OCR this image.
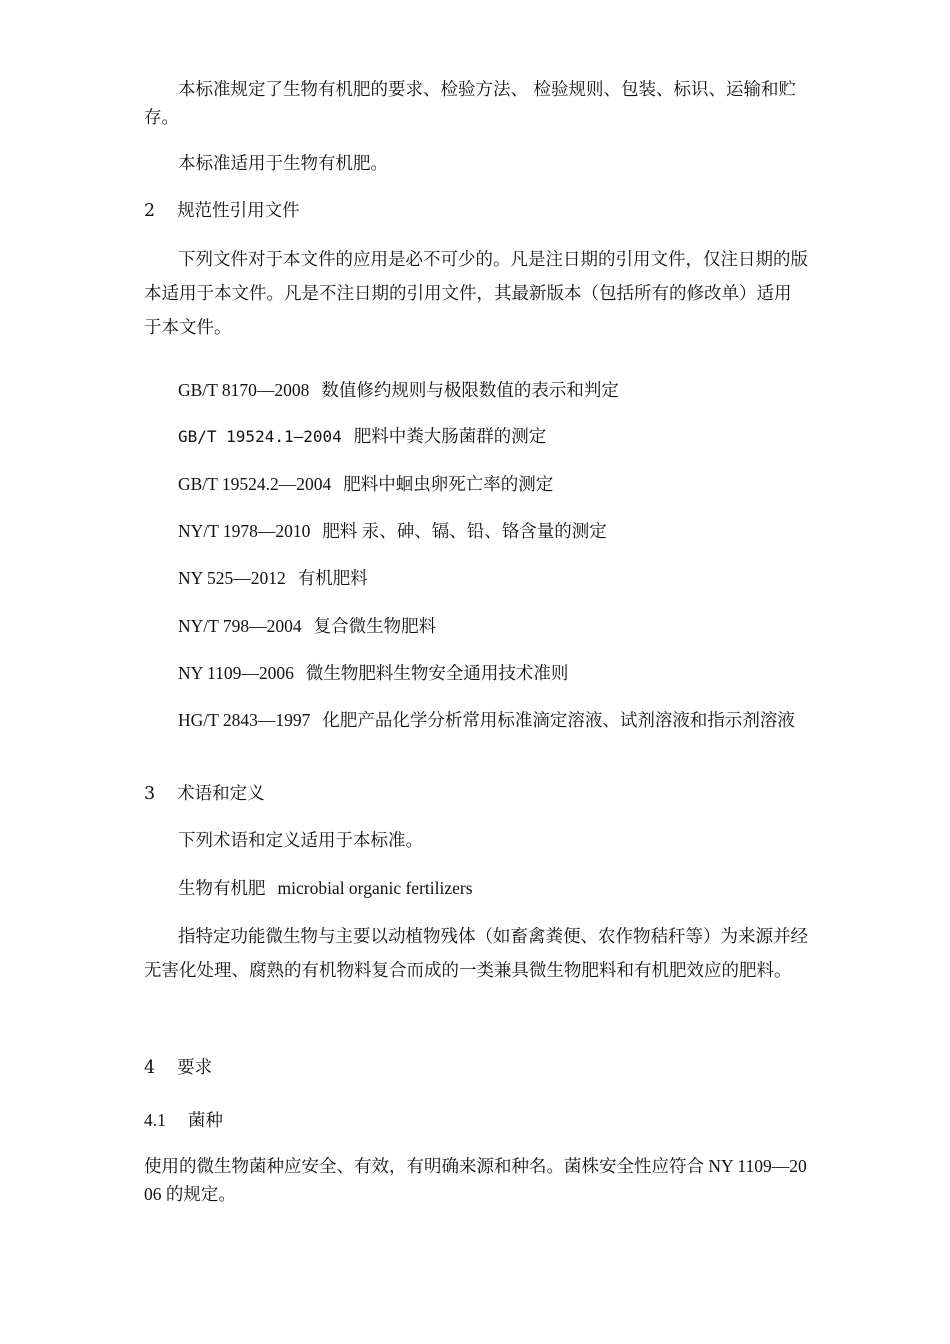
本标准规定了生物有机肥的要求、检验方法、 检验规则、包装、标识、运输和贮存。

本标准适用于生物有机肥。

2 规范性引用文件

下列文件对于本文件的应用是必不可少的。凡是注日期的引用文件，仅注日期的版本适用于本文件。凡是不注日期的引用文件，其最新版本（包括所有的修改单）适用于本文件。

GB/T 8170—2008 数值修约规则与极限数值的表示和判定

GB/T 19524.1—2004 肥料中粪大肠菌群的测定

GB/T 19524.2—2004 肥料中蛔虫卵死亡率的测定

NY/T 1978—2010 肥料 汞、砷、镉、铅、铬含量的测定

NY 525—2012 有机肥料

NY/T 798—2004 复合微生物肥料

NY 1109—2006 微生物肥料生物安全通用技术准则

HG/T 2843—1997 化肥产品化学分析常用标准滴定溶液、试剂溶液和指示剂溶液

3 术语和定义

下列术语和定义适用于本标准。

生物有机肥 microbial organic fertilizers

指特定功能微生物与主要以动植物残体（如畜禽粪便、农作物秸秆等）为来源并经无害化处理、腐熟的有机物料复合而成的一类兼具微生物肥料和有机肥效应的肥料。

4 要求

4.1 菌种

使用的微生物菌种应安全、有效，有明确来源和种名。菌株安全性应符合 NY 1109—2006 的规定。
